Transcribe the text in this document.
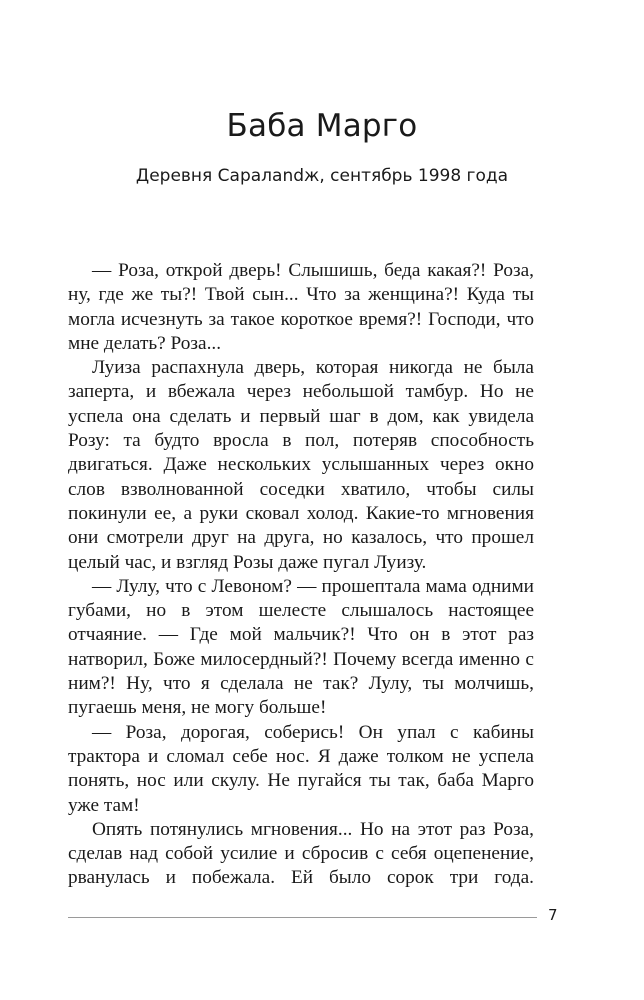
Баба Марго

Деревня Саралandж, сентябрь 1998 года

— Роза, открой дверь! Слышишь, беда какая?! Роза, ну, где же ты?! Твой сын... Что за женщина?! Куда ты могла исчезнуть за такое короткое время?! Господи, что мне делать? Роза...

Луиза распахнула дверь, которая никогда не была заперта, и вбежала через небольшой тамбур. Но не успела она сделать и первый шаг в дом, как увидела Розу: та будто вросла в пол, потеряв способность двигаться. Даже нескольких услышанных через окно слов взволнованной соседки хватило, чтобы силы покинули ее, а руки сковал холод. Какие-то мгновения они смотрели друг на друга, но казалось, что прошел целый час, и взгляд Розы даже пугал Луизу.

— Лулу, что с Левоном? — прошептала мама одними губами, но в этом шелесте слышалось настоящее отчаяние. — Где мой мальчик?! Что он в этот раз натворил, Боже милосердный?! Почему всегда именно с ним?! Ну, что я сделала не так? Лулу, ты молчишь, пугаешь меня, не могу больше!

— Роза, дорогая, соберись! Он упал с кабины трактора и сломал себе нос. Я даже толком не успела понять, нос или скулу. Не пугайся ты так, баба Марго уже там!

Опять потянулись мгновения... Но на этот раз Роза, сделав над собой усилие и сбросив с себя оцепенение, рванулась и побежала. Ей было сорок три года.

7
